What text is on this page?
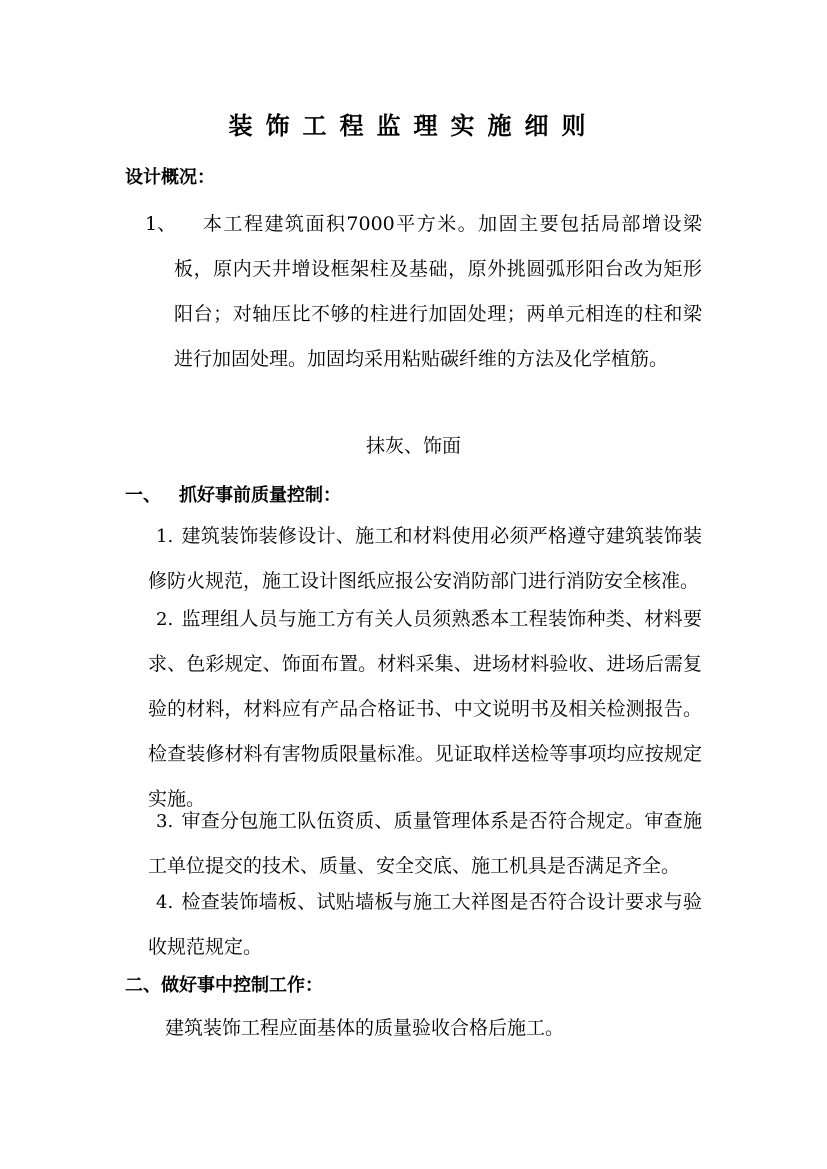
装饰工程监理实施细则
设计概况：
1、	本工程建筑面积7000平方米。加固主要包括局部增设梁板，原内天井增设框架柱及基础，原外挑圆弧形阳台改为矩形阳台；对轴压比不够的柱进行加固处理；两单元相连的柱和梁进行加固处理。加固均采用粘贴碳纤维的方法及化学植筋。
抹灰、饰面
一、 抓好事前质量控制：
1. 建筑装饰装修设计、施工和材料使用必须严格遵守建筑装饰装修防火规范，施工设计图纸应报公安消防部门进行消防安全核准。
2. 监理组人员与施工方有关人员须熟悉本工程装饰种类、材料要求、色彩规定、饰面布置。材料采集、进场材料验收、进场后需复验的材料，材料应有产品合格证书、中文说明书及相关检测报告。检查装修材料有害物质限量标准。见证取样送检等事项均应按规定实施。
3. 审查分包施工队伍资质、质量管理体系是否符合规定。审查施工单位提交的技术、质量、安全交底、施工机具是否满足齐全。
4. 检查装饰墙板、试贴墙板与施工大祥图是否符合设计要求与验收规范规定。
二、做好事中控制工作：
建筑装饰工程应面基体的质量验收合格后施工。
